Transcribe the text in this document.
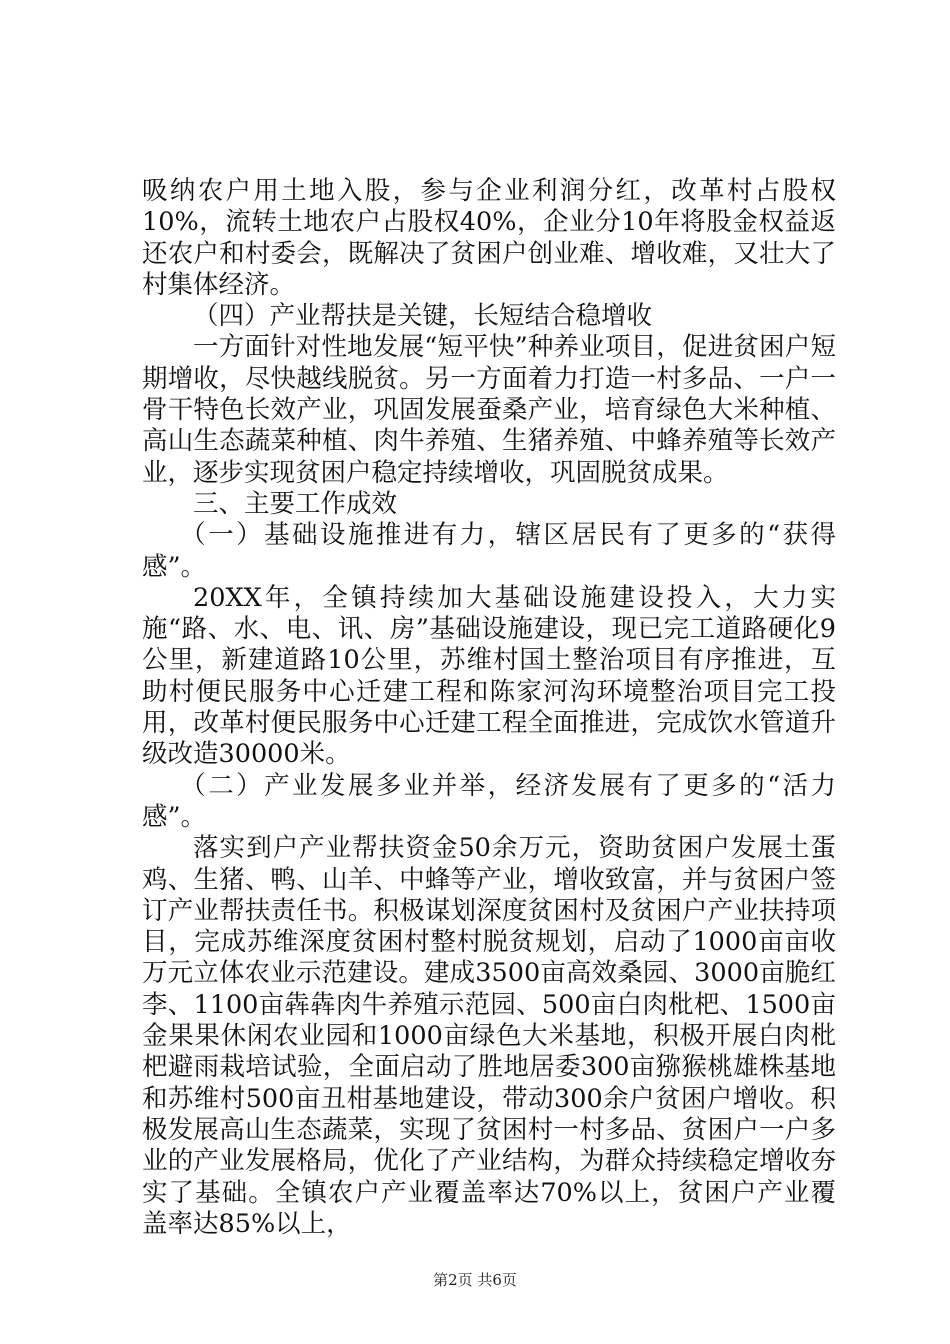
吸纳农户用土地入股，参与企业利润分红，改革村占股权10%，流转土地农户占股权40%，企业分10年将股金权益返还农户和村委会，既解决了贫困户创业难、增收难，又壮大了村集体经济。

（四）产业帮扶是关键，长短结合稳增收

一方面针对性地发展“短平快”种养业项目，促进贫困户短期增收，尽快越线脱贫。另一方面着力打造一村多品、一户一骨干特色长效产业，巩固发展蚕桑产业，培育绿色大米种植、高山生态蔬菜种植、肉牛养殖、生猪养殖、中蜂养殖等长效产业，逐步实现贫困户稳定持续增收，巩固脱贫成果。

三、主要工作成效

（一）基础设施推进有力，辖区居民有了更多的“获得感”。

20XX年，全镇持续加大基础设施建设投入，大力实施“路、水、电、讯、房”基础设施建设，现已完工道路硬化9公里，新建道路10公里，苏维村国土整治项目有序推进，互助村便民服务中心迁建工程和陈家河沟环境整治项目完工投用，改革村便民服务中心迁建工程全面推进，完成饮水管道升级改造30000米。

（二）产业发展多业并举，经济发展有了更多的“活力感”。

落实到户产业帮扶资金50余万元，资助贫困户发展土蛋鸡、生猪、鸭、山羊、中蜂等产业，增收致富，并与贫困户签订产业帮扶责任书。积极谋划深度贫困村及贫困户产业扶持项目，完成苏维深度贫困村整村脱贫规划，启动了1000亩亩收万元立体农业示范建设。建成3500亩高效桑园、3000亩脆红李、1100亩犇犇肉牛养殖示范园、500亩白肉枇杷、1500亩金果果休闲农业园和1000亩绿色大米基地，积极开展白肉枇杷避雨栽培试验，全面启动了胜地居委300亩猕猴桃雄株基地和苏维村500亩丑柑基地建设，带动300余户贫困户增收。积极发展高山生态蔬菜，实现了贫困村一村多品、贫困户一户多业的产业发展格局，优化了产业结构，为群众持续稳定增收夯实了基础。全镇农户产业覆盖率达70%以上，贫困户产业覆盖率达85%以上，

第2页 共6页
